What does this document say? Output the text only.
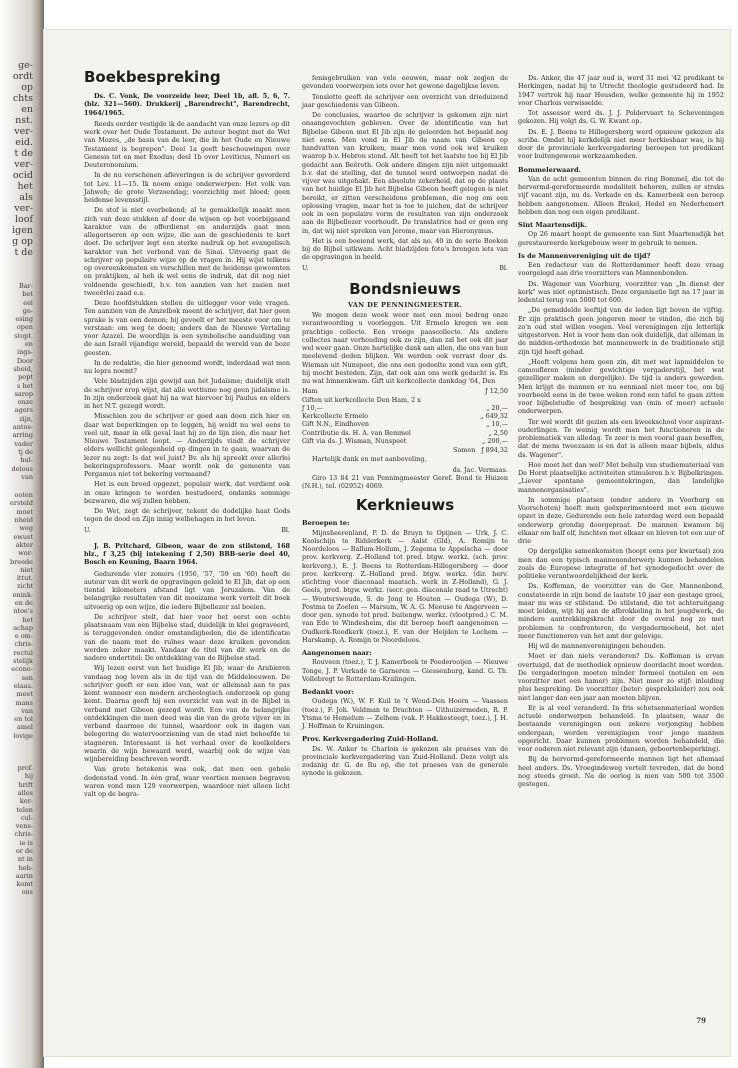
ge-
ordt
op
chts
en
nst.
ver-
eid.
t de
ver-
ocid
het
als
ver-
loof
igen
g op
t de
Bar-
bet
eel
ge-
esing
open
stopt.
en
ings-
Door
sheid,
popt
s het
sarop
onze
agers
zijn,
antos-
arring
vader
tj de
hul-
delous
van
ooten
ersteld
moet
nheid
weg
ewust
akter
wor-
breede
niet
ittut.
zicht
onink-
en de
ntoe's
het
achap
e om-
chris-
rectul
stelijk
econo-
sen
elaas.
meet
mans
van
en tol
amel
lovige
prof.
hij
hrift
alles
ker-
telen
cul-
vens-
chris-
ie is
or de
nt in
heb-
aarin
komt
ons
Boekbespreking
Ds. C. Vonk, De voorzeide leer, Deel 1b, afl. 5, 6, 7. (blz. 321—560). Drukkerij „Barendrecht", Barendrecht, 1964/1965.

Reeds eerder vestigde ik de aandacht van onze lezers op dit werk over het Oude Testament. De auteur begint met de Wet van Mozes, „de basis van de leer, die in het Oude en Nieuwe Testament is begrepen". Deel 1a geeft beschouwingen over Genesis tot en met Exodus; deel 1b over Leviticus, Numeri en Deuteronomium.

In de nu verschenen afleveringen is de schrijver gevorderd tot Lev. 11—15. Ik noem enige onderwerpen: Het volk van Jahweh; de grote Verzoendag; voorzichtig met bloed; geen heidense levensstijl.

De stof is niet overbekend; al te gemakkelijk maakt men zich van deze stukken af door de wijsen op het voorbijgaand karakter van de offerdienst en anderzijds gaat men allegoriseren op een wijze, die aan de geschiedenis te kort doet. De schrijver legt een sterke nadruk op het evangelisch karakter van het verbond van de Sinaï. Uitvoerig gaat de schrijver op populaire wijze op de vragen in. Hij wijst telkens op overeenkomsten en verschillen met de heidense gewoonten en praktijken, al heb ik wel eens de indruk, dat dit nog niet voldoende geschiedt, b.v. ten aanzien van het zaaien met tweeërlei zaad e.a.

Deze hoofdstukken stellen de uitlegger voor vele vragen. Ten aanzien van de Amzelbok meent de schrijver, dat hier geen sprake is van een demon; hij gevoelt er het meeste voor om te verstaan: om weg te doen; anders dan de Nieuwe Vertaling voor Azazel. De woordlijn is een symbolische aanduiding van de aan Israël vijandige wereld, bepaald de wereld van de boze geesten.

In de redaktie, die hier genoemd wordt, inderdaad wat men nu lepra noemt?

Vele bladzijden zijn gewijd aan het Judaïsme; duidelijk stelt de schrijver erop wijst, dat alle wettisme nog geen judaïsme is. In zijn onderzoek gaat hij na wat hiervoor bij Paulus en elders in het N.T. gezegd wordt.

Misschien zou de schrijver er goed aan doen zich hier en daar wat beperkingen op te leggen, hij weidt nu wel eens te veel uit, maar in elk geval laat hij zo de lijn zien, die naar het Nieuwe Testament loopt. — Anderzijds vindt de schrijver elders wellicht gelegenheid op dingen in te gaan, waarvan de lezer nu zegt: Is dat wel juist? Bv. als hij spreekt over allerlei bekeringsprofessors. Maar wordt ook de gemeente van Pergamus niet tot bekering vermaand?

Het is een breed opgezet, populair werk, dat verdient ook in onze kringen te worden bestudeerd, ondanks sommige bezwaren, die wij zullen hebben.

De Wet, zegt de schrijver, tekent de dodelijke haat Gods tegen de dood en Zijn innig welbehagen in het leven.

U.	Bl.
J. B. Pritchard, Gibeon, waar de zon stilstond, 168 blz., f 3,25 (bij intekening f 2,50) BBB-serie deel 40, Bosch en Keuning, Baarn 1964.

Gedurende vier zomers (1956, '57, '59 en '60) heeft de auteur van dit werk de opgravingen geleid te El Jib, dat op een tiental kilometers afstand ligt van Jeruzalem. Van de belangrijke resultaten van dit moeizame werk vertelt dit boek uitvoerig op een wijze, die iedere Bijbellezer zal boeien.

De schrijver stelt, dat hier voor het eerst een echte plaatsnaam van een Bijbelse stad, duidelijk in klei gegraveerd, is teruggevonden onder omstandigheden, die de identificatie van de naam met de ruïnes waar deze kruiken gevonden werden zeker maakt. Vandaar de titel van dit werk en de nadere ondertitel: De ontdekking van de Bijbelse stad.

Wij lezen eerst van het huidige El Jib, waar de Arabieren vandaag nog leven als in de tijd van de Middeleeuwen. De schrijver geeft er een idee van, wat er allemaal aan te pas komt wanneer een modern archeologisch onderzoek op gang komt. Daarna geeft hij een overzicht van wat in de Bijbel in verband met Gibeon gezegd wordt. Een van de belangrijke ontdekkingen die men deed was die van de grote vijver en in verband daarmee de tunnel, waardoor ook in dagen van belegering de watervoorziening van de stad niet behoefde te stagneren. Interessant is het verhaal over de koelkelders waarin de wijn bewaard werd, waarbij ook de wijze van wijnbereiding beschreven wordt.

Van grote betekenis was ook, dat men een gehele dodenstad vond. In één graf, waar veertien mensen begraven waren vond men 129 voorwerpen, waardoor niet alleen licht valt op de begra-

fenisgebruiken van vele eeuwen, maar ook zegjen de gevonden voorwerpen iets over het gewone dagelijkse leven.

Tenslotte geeft de schrijver een overzicht van drieduizend jaar geschiedenis van Gibeon.

De conclusies, waartoe de schrijver is gekomen zijn niet onaangevochten gebleven. Over de identificatie van het Bijbelse Gibeon met El Jib zijn de geleerden het bepaald nog niet eens. Men vond in El Jib de naam van Gibeon op handvatten van kruiken, maar men vond ook wel kruiken waarop b.v. Hebron stond. Alt heeft tot het laatste toe bij El Jib gedacht aan Beëroth. Ook andere dingen zijn niet uitgemaakt b.v. dat de stelling, dat de tunnel werd ontworpen nadat de vijver was uitgehakt. Een absolute zekerheid, dat op de plaats van het huidige El Jib het Bijbelse Gibeon heeft gelegen is niet bereikt, er zitten verscheidene problemen, die nog om een oplossing vragen, maar het is toe te juichen, dat de schrijver ook in een populaire vorm de resultaten van zijn onderzoek aan de Bijbellezer voorhoudt. De translatrice had er geen erg in, dat wij niet spreken van Jerome, maar van Hieronymus.

Het is een boeiend werk, dat als no. 40 in de serie Boeken bij de Bijbel uitkwam. Acht bladzijden foto's brengen iets van de opgravingen in beeld.

U.	Bl.
Bondsnieuws
VAN DE PENNINGMEESTER.

We mogen deze week weer met een mooi bedrag onze verantwoording u voorleggen. Uit Ermelo kregen we een prachtige collecte. Een vroege paascollecte. Als andere collectes naar verhouding ook zo zijn, dan zal het ook dit jaar wel weer gaan. Onze hartelijke dank aan allen, die ons van hun meelevend deden blijken. We werden ook verrast door ds. Wieman uit Nunspeet, die ons een gedeelte zond van een gift, hij mocht besteden. Zijn, dat ook aan ons werk gedacht is. En nu wat binnenkwam. Gift uit kerkcollecte dankdag '64, Den

Ham	ƒ 12,50
Giften uit kerkcollecte Den Ham, 2 x
ƒ 10,—	„ 20,—
Kerkcollecte Ermelo	„ 649,32
Gift N.N., Eindhoven	„ 10,—
Contributie ds. H. A. van Bemmel	„ 2,50
Gift via ds. J. Wisman, Nunspeet	„ 200,—
Samen ƒ 894,32

Hartelijk dank en met aanbeveling,

ds. Jac. Vermaas.

Giro 13 84 21 van Penningmeester Geref. Bond te Huizen (N.H.), tel. (02952) 4069.

Kerknieuws
Beroepen te:

Mijnsheerenland, P. D. de Bruyn te Opijnen — Urk, J. C. Koolschijn te Ridderkerk — Aalst (Gld), A. Romijn te Noordeloos — Ballum-Hollum, J. Zegema te Appelscha — door prov. kerkverg. Z.-Holland tot pred. btgw. werkz. (sch. prov. kerkverg.), E. J. Beens te Rotterdam-Hillegersberg — door prov. kerkverg. Z.-Holland pred. btgw. werkz. (dir. herv. stichting voor diaconaal maatsch. werk in Z-Holland), G. J. Geels, pred. btgw. werkz. (secr. gen. diaconale raad te Utrecht) — Wouterswoude, S. de Jong te Houten — Oudega (W), D. Postma te Zoelen — Marsum, W. A. G. Meeuse te Angerveen — door gen. synode tot pred. buitengw. werkz. (vlootpred.) C. M. van Ede te Windesheim, die dit beroep heeft aangenomen — Oudkerk-Roodkerk (toez.), F. van der Heijden te Lochem — Harskamp, A. Romijn te Noordeloos.

Aangenomen naar:

Rouveen (toez.), T. J. Kamerbeek te Poederooijen — Nieuwe Tonge, J. P. Verkade te Garneren — Giessenburg, kand. G. Th. Vollebregt te Rotterdam-Kralingen.

Bedankt voor:

Oudega (W.), W. F. Kuil te 't Woud-Den Hoorn — Vaassen (toez.), F. Joh. Veldman te Drachten — Uithuizermeden, R. P. Ytsma te Hemelum — Zelhem (vak. P. Hakkesteegt, toez.), J. H. J. Hoffman te Kruiningen.

Prov. Kerkvergadering Zuid-Holland.

Ds. W. Anker te Charlois is gekozen als praeses van de provinciale kerkvergadering van Zuid-Holland. Deze volgt als zodanig dr. G. de Ru op, die tot praeses van de generale synode is gekozen.

Ds. Anker, die 47 jaar oud is, werd 31 mei '42 predikant te Herkingen, nadat hij te Utrecht theologie gestudeerd had. In 1947 vertrok hij naar Heusden, welke gemeente hij in 1952 voor Charlois verwisselde.

Tot assessor werd ds. J. J. Poldervaart te Scheveningen gekozen. Hij volgt ds. G. W. Kwant op.

Ds. E. J. Beens te Hillegersberg werd opnieuw gekozen als scriba. Omdat hij kerkdelijk niet meer herkiesbaar was, is hij door de provinciale kerkvergadering beroepen tot predikant voor buitengewone werkzaamheden.

Bommelerwaard.

Van de acht gemeenten binnen de ring Bommel, die tot de hervormd-gereformeerde modaliteit behoren, zullen er straks vijf vacant zijn, nu ds. Verkade en ds. Kamerbeek een beroep hebben aangenomen. Alleen Brakel, Hedel en Nederhemert hebben dan nog een eigen predikant.

Sint Maartensdijk.

Op 26 maart hoopt de gemeente van Sint Maartensdijk het gerestaureerde kerkgebouw weer in gebruik te nemen.

Is de Mannenvereniging uit de tijd?

Een redacteur van de Rotterdammer heeft deze vraag voorgelegd aan drie voorzitters van Mannenbonden.

Ds. Wagener van Voorburg, voorzitter van „In dienst der kerk" was niet optimistisch. Deze organisatie ligt na 17 jaar in ledental terug van 5000 tot 600.

„De gemiddelde leeftijd van de leden ligt boven de vijftig. Er zijn praktisch geen jongeren meer te vinden, die zich bij zo'n oud stel willen voegen. Veel verenigingen zijn letterlijk uitgestorven. Het is voor hem dan ook duidelijk, dat alleman in de midden-orthodoxie het mannenwerk in de traditionele stijl zijn tijd heeft gehad.

„Heeft volgens hem geen zin, dit met wat lapmiddelen te camoufleren (minder gewichtige vergaderstijl, het wat gezelliger maken en dergelijke). De tijd is anders geworden. Men krijgt de mannen er nu eenmaal niet meer toe, om bij voorbeeld eens in de twee weken rond een tafel te gaan zitten voor bijbelstudie of bespreking van (min of meer) actuele onderwerpen.

Ter wel wordt dit gezien als een kweekschool voor aspirant-ouderlingen. Te weinig wordt men het functioneren in de problematiek van alledag. Te zeer is men vooral gaan beseffen, dat de mens tweezaam is en dat is alleen maar bijbels, aldus ds. Wagener".

Hoe moet het dan wel? Met behulp van studiemateriaal van De Horst plaatselijke activiteiten stimuleren b.v. Bijbelkringen. „Liever spontane gemeentekringen, dan landelijke mannenorganisaties".

In sommige plaatsen (onder andere in Voorburg en Voorschoten) heeft men geëxperimenteerd met een nieuwe opzet in deze. Gedurende een hele zaterdag werd een bepaald onderwerp grondig doorgepraat. De mannen kwamen bij elkaar om half elf, lunchten met elkaar en bleven tot een uur of drie

Op dergelijke samenkomsten (hoopt eens per kwartaal) zou men dan een typisch mannenonderwerp kunnen behandelen zoals de Europese integratie of het synodegedocht over de politieke verantwoordelijkheid der kerk.

Ds. Koffeman, de voorzitter van de Ger. Mannenbond, constateerde in zijn bond de laatste 10 jaar een gestage groei, maar nu was er stilstand. De stilstand, die tot achteruitgang moet leiden, wijt hij aan de afbrokkeling in het jeugdwerk, de mindere aantrekkingskracht door de overal nog zo met problemen te confronteren, de vergadermoeheid, het niet meer functioneren van het amt der gelovige.

Hij wil de mannenverenigingen behouden.

Moet er dan niets veranderen? Ds. Koffeman is ervan overtuigd, dat de methodiek opnieuw doordacht moet worden. De vergaderingen moeten minder formeel (notulen en een voorzitter met een hamer) zijn. Niet meer zo stijf: inleiding plus bespreking. De voorzitter (beter: gespreksleider) zou ook niet langer dan een jaar aan moeten blijven.

Er is al veel veranderd. In fris schetsenmateriaal worden actuele onderwerpen behandeld. In plaatsen, waar de bestaande verenigingen een zekere verjonging hebben ondergaan, worden verenigingen voor jonge mannen opgericht. Daar kunnen problemen worden behandeld, die voor ouderen niet relevant zijn (dansen, geboortenbeperking).

Bij de hervormd-gereformeerde mannen ligt het allemaal heel anders. Ds. Vroegindeweg vertelt tevreden, dat de bond nog steeds groeit. Na de oorlog is men van 500 tot 3500 gestegen.

79
